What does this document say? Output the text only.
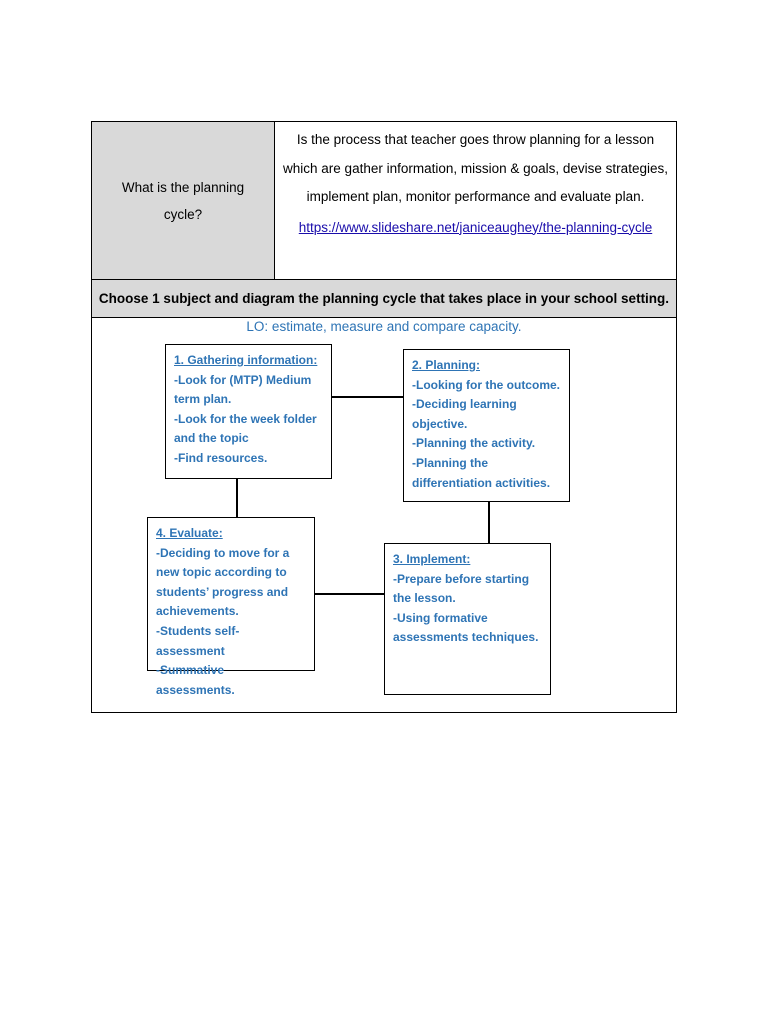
What is the planning cycle?
Is the process that teacher goes throw planning for a lesson which are gather information, mission & goals, devise strategies, implement plan, monitor performance and evaluate plan.
https://www.slideshare.net/janiceaughey/the-planning-cycle
Choose 1 subject and diagram the planning cycle that takes place in your school setting.
LO: estimate, measure and compare capacity.
1. Gathering information:
-Look for (MTP) Medium term plan.
-Look for the week folder and the topic
-Find resources.
2. Planning:
-Looking for the outcome.
-Deciding learning objective.
-Planning the activity.
-Planning the differentiation activities.
3. Implement:
-Prepare before starting the lesson.
-Using formative assessments techniques.
4. Evaluate:
-Deciding to move for a new topic according to students’ progress and achievements.
-Students self-assessment
-Summative assessments.
